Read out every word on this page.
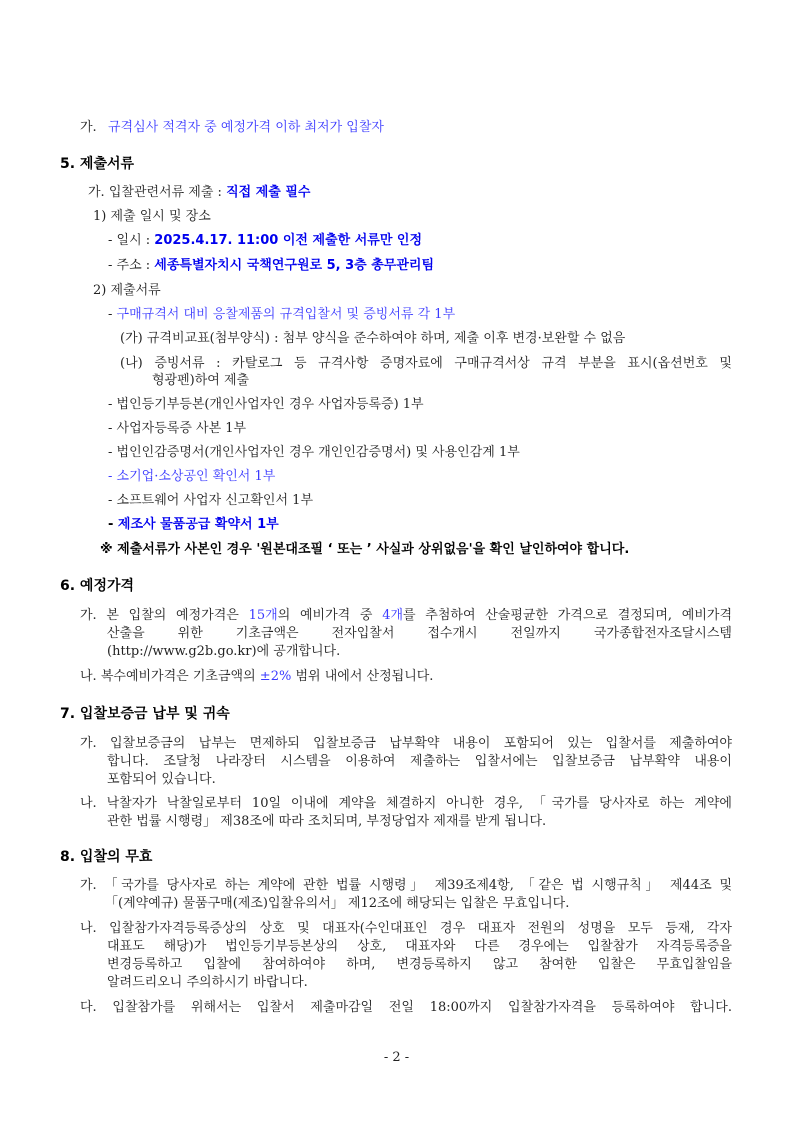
가. 규격심사 적격자 중 예정가격 이하 최저가 입찰자
5. 제출서류
가. 입찰관련서류 제출 : 직접 제출 필수
1) 제출 일시 및 장소
- 일시 : 2025.4.17. 11:00 이전 제출한 서류만 인정
- 주소 : 세종특별자치시 국책연구원로 5, 3층 총무관리팀
2) 제출서류
- 구매규격서 대비 응찰제품의 규격입찰서 및 증빙서류 각 1부
(가) 규격비교표(첨부양식) : 첨부 양식을 준수하여야 하며, 제출 이후 변경·보완할 수 없음
(나) 증빙서류 : 카탈로그 등 규격사항 증명자료에 구매규격서상 규격 부분을 표시(옵션번호 및
형광펜)하여 제출
- 법인등기부등본(개인사업자인 경우 사업자등록증) 1부
- 사업자등록증 사본 1부
- 법인인감증명서(개인사업자인 경우 개인인감증명서) 및 사용인감계 1부
- 소기업·소상공인 확인서 1부
- 소프트웨어 사업자 신고확인서 1부
- 제조사 물품공급 확약서 1부
※ 제출서류가 사본인 경우 '원본대조필 ‘ 또는 ’ 사실과 상위없음'을 확인 날인하여야 합니다.
6. 예정가격
가. 본 입찰의 예정가격은 15개의 예비가격 중 4개를 추첨하여 산술평균한 가격으로 결정되며, 예비가격
산출을 위한 기초금액은 전자입찰서 접수개시 전일까지 국가종합전자조달시스템
(http://www.g2b.go.kr)에 공개합니다.
나. 복수예비가격은 기초금액의 ±2% 범위 내에서 산정됩니다.
7. 입찰보증금 납부 및 귀속
가. 입찰보증금의 납부는 면제하되 입찰보증금 납부확약 내용이 포함되어 있는 입찰서를 제출하여야
합니다. 조달청 나라장터 시스템을 이용하여 제출하는 입찰서에는 입찰보증금 납부확약 내용이
포함되어 있습니다.
나. 낙찰자가 낙찰일로부터 10일 이내에 계약을 체결하지 아니한 경우, 「국가를 당사자로 하는 계약에
관한 법률 시행령」 제38조에 따라 조치되며, 부정당업자 제재를 받게 됩니다.
8. 입찰의 무효
가. 「국가를 당사자로 하는 계약에 관한 법률 시행령」 제39조제4항, 「같은 법 시행규칙」 제44조 및
「(계약예규) 물품구매(제조)입찰유의서」 제12조에 해당되는 입찰은 무효입니다.
나. 입찰참가자격등록증상의 상호 및 대표자(수인대표인 경우 대표자 전원의 성명을 모두 등재, 각자
대표도 해당)가 법인등기부등본상의 상호, 대표자와 다른 경우에는 입찰참가 자격등록증을
변경등록하고 입찰에 참여하여야 하며, 변경등록하지 않고 참여한 입찰은 무효입찰임을
알려드리오니 주의하시기 바랍니다.
다. 입찰참가를 위해서는 입찰서 제출마감일 전일 18:00까지 입찰참가자격을 등록하여야 합니다.
- 2 -
